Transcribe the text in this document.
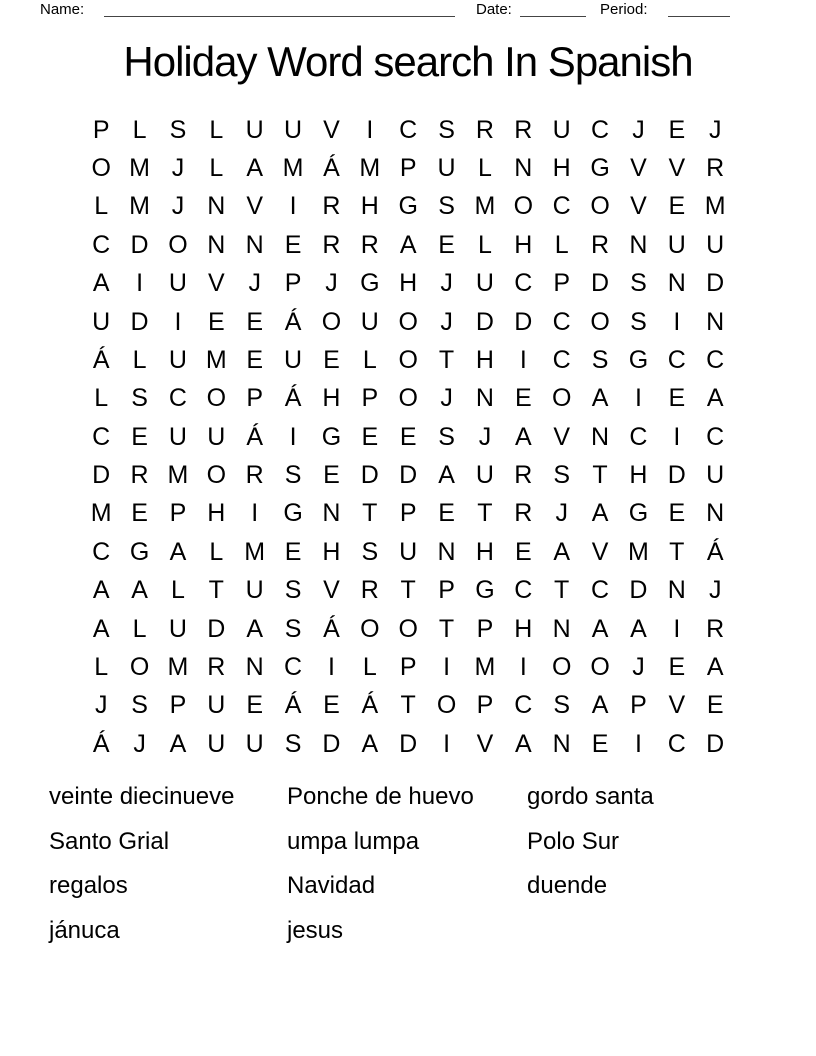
Name:	Date:	Period:
Holiday Word search In Spanish
P L S L U U V	I	C S R R U C J E J
O M J	L A M Á M P U L N H G V V R
L M J N V	I	R H G S M O C O V E M
C D O N N E R R A E L H L R N U U
A	I	U V J P J G H J U C P D S N D
U D	I	E E Á O U O J D D C O S	I	N
Á L U M E U E L O T H	I	C S G C C
L S C O P Á H P O J N E O A	I	E A
C E U U Á	I	G E E S J A V N C	I	C
D R M O R S E D D A U R S T H D U
M E P H	I	G N T P E T R J A G E N
C G A L M E H S U N H E A V M T Á
A A L T U S V R T P G C T C D N J
A L U D A S Á O O T P H N A A	I	R
L O M R N C	I	L P	I M I	O O J E A
J S P U E Á E Á T O P C S A P V E
Á J A U U S D A D	I	V A N E	I	C D
veinte diecinueve
Santo Grial
regalos
jánuca
Ponche de huevo
umpa lumpa
Navidad
jesus
gordo santa
Polo Sur
duende
